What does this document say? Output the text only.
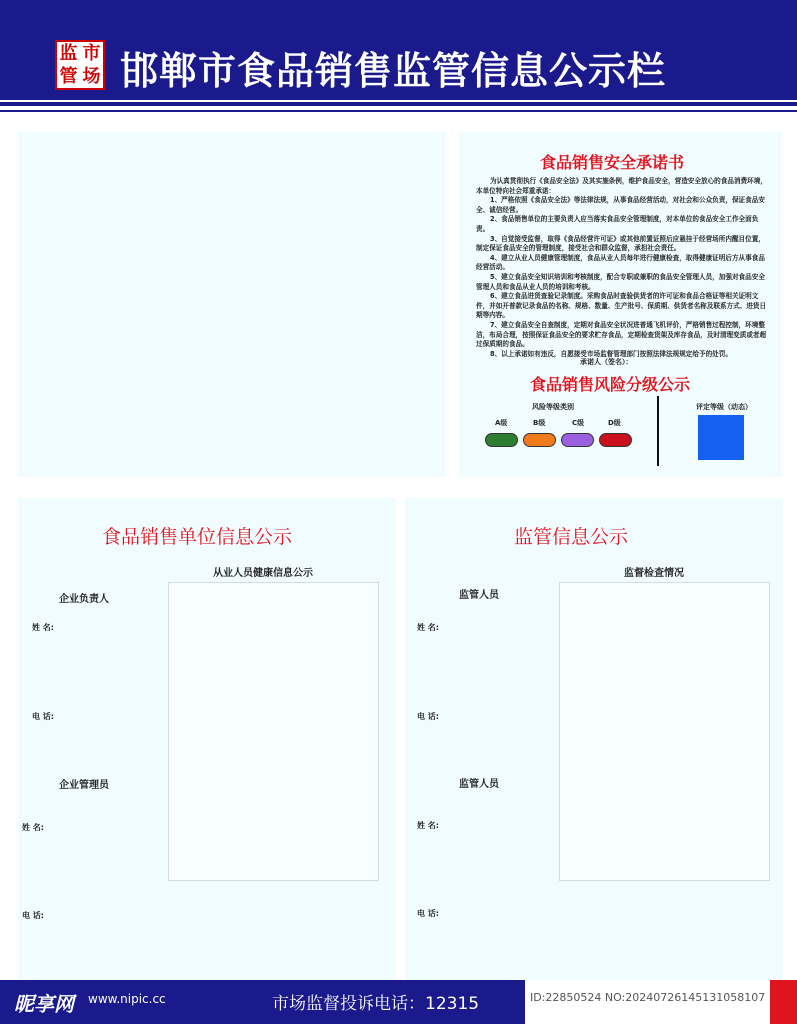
监 市
管 场 邯郸市食品销售监管信息公示栏
食品销售安全承诺书

为认真贯彻执行《食品安全法》及其实施条例，维护食品安全，营造安全放心的食品消费环境，本单位特向社会郑重承诺：

1、严格依照《食品安全法》等法律法规，从事食品经营活动，对社会和公众负责，保证食品安全、诚信经营。

2、食品销售单位的主要负责人应当落实食品安全管理制度，对本单位的食品安全工作全面负责。

3、自觉接受监督，取得《食品经营许可证》或其他前置证照后应悬挂于经营场所内醒目位置，制定保证食品安全的管理制度，接受社会和群众监督，承担社会责任。

4、建立从业人员健康管理制度，食品从业人员每年进行健康检查，取得健康证明后方从事食品经营活动。

5、建立食品安全知识培训和考核制度，配合专职或兼职的食品安全管理人员，加强对食品安全管理人员和食品从业人员的培训和考核。

6、建立食品进货查验记录制度。采购食品时查验供货者的许可证和食品合格证等相关证明文件，并如开普款记录食品的名称、规格、数量、生产批号、保质期、供货者名称及联系方式、进货日期等内容。

7、建立食品安全自查制度，定期对食品安全状况进普通飞机评价，严格销售过程控制，环境整洁，布局合理，按照保证食品安全的要求贮存食品，定期检查货架及库存食品，及时清理变质或者超过保质期的食品。

8、以上承诺如有违反，自愿接受市场监督管理部门按照法律法规规定给予的处罚。

承诺人（签名）：
食品销售风险分级公示
风险等级类别
A级	B级	C级	D级
评定等级（动态）
食品销售单位信息公示
从业人员健康信息公示
企业负责人
姓 名:
电 话:
企业管理员
姓 名:
电 话:
监管信息公示
监督检查情况
监管人员
姓 名:
电 话:
监管人员
姓 名:
电 话:
昵享网 www.nipic.cc	市场监督投诉电话：12315	ID:22850524 NO:20240726145131058107
